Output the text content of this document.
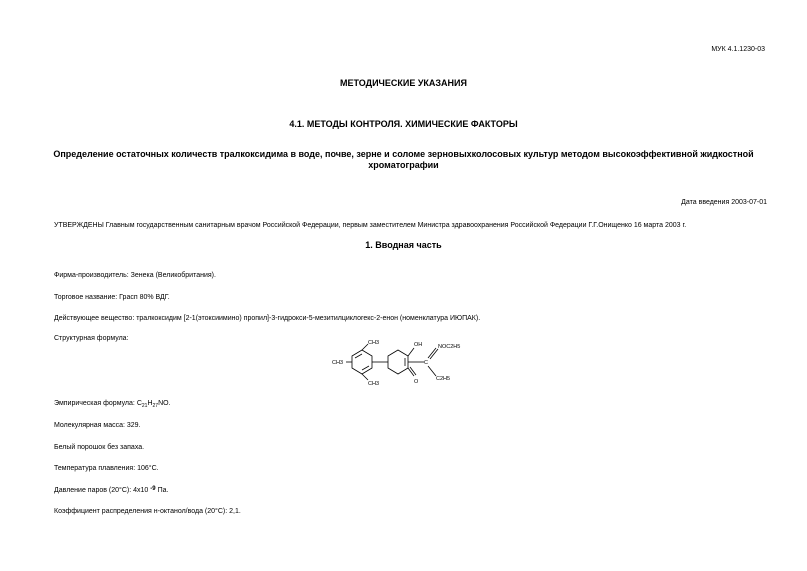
МУК 4.1.1230-03
МЕТОДИЧЕСКИЕ УКАЗАНИЯ
4.1. МЕТОДЫ КОНТРОЛЯ. ХИМИЧЕСКИЕ ФАКТОРЫ
Определение остаточных количеств тралкоксидима в воде, почве, зерне и соломе зерновыхколосовых культур методом высокоэффективной жидкостной хроматографии
Дата введения 2003-07-01
УТВЕРЖДЕНЫ Главным государственным санитарным врачом Российской Федерации, первым заместителем Министра здравоохранения Российской Федерации Г.Г.Онищенко 16 марта 2003 г.
1. Вводная часть
Фирма-производитель: Зенека (Великобритания).
Торговое название: Грасп 80% ВДГ.
Действующее вещество: тралкоксидим [2-1(этоксиимино) пропил]-3-гидрокси-5-мезитилциклогекс-2-енон (номенклатура ИЮПАК).
Структурная формула:
CH3	OH	NOC2H5
CH3	C
C2H5
CH3	O
Эмпирическая формула: $C_{21}H_{27}NO$.
Молекулярная масса: 329.
Белый порошок без запаха.
Температура плавления: 106°С.
Давление паров (20°С): 4x10 -9 Па.
Коэффициент распределения н-октанол/вода (20°С): 2,1.
